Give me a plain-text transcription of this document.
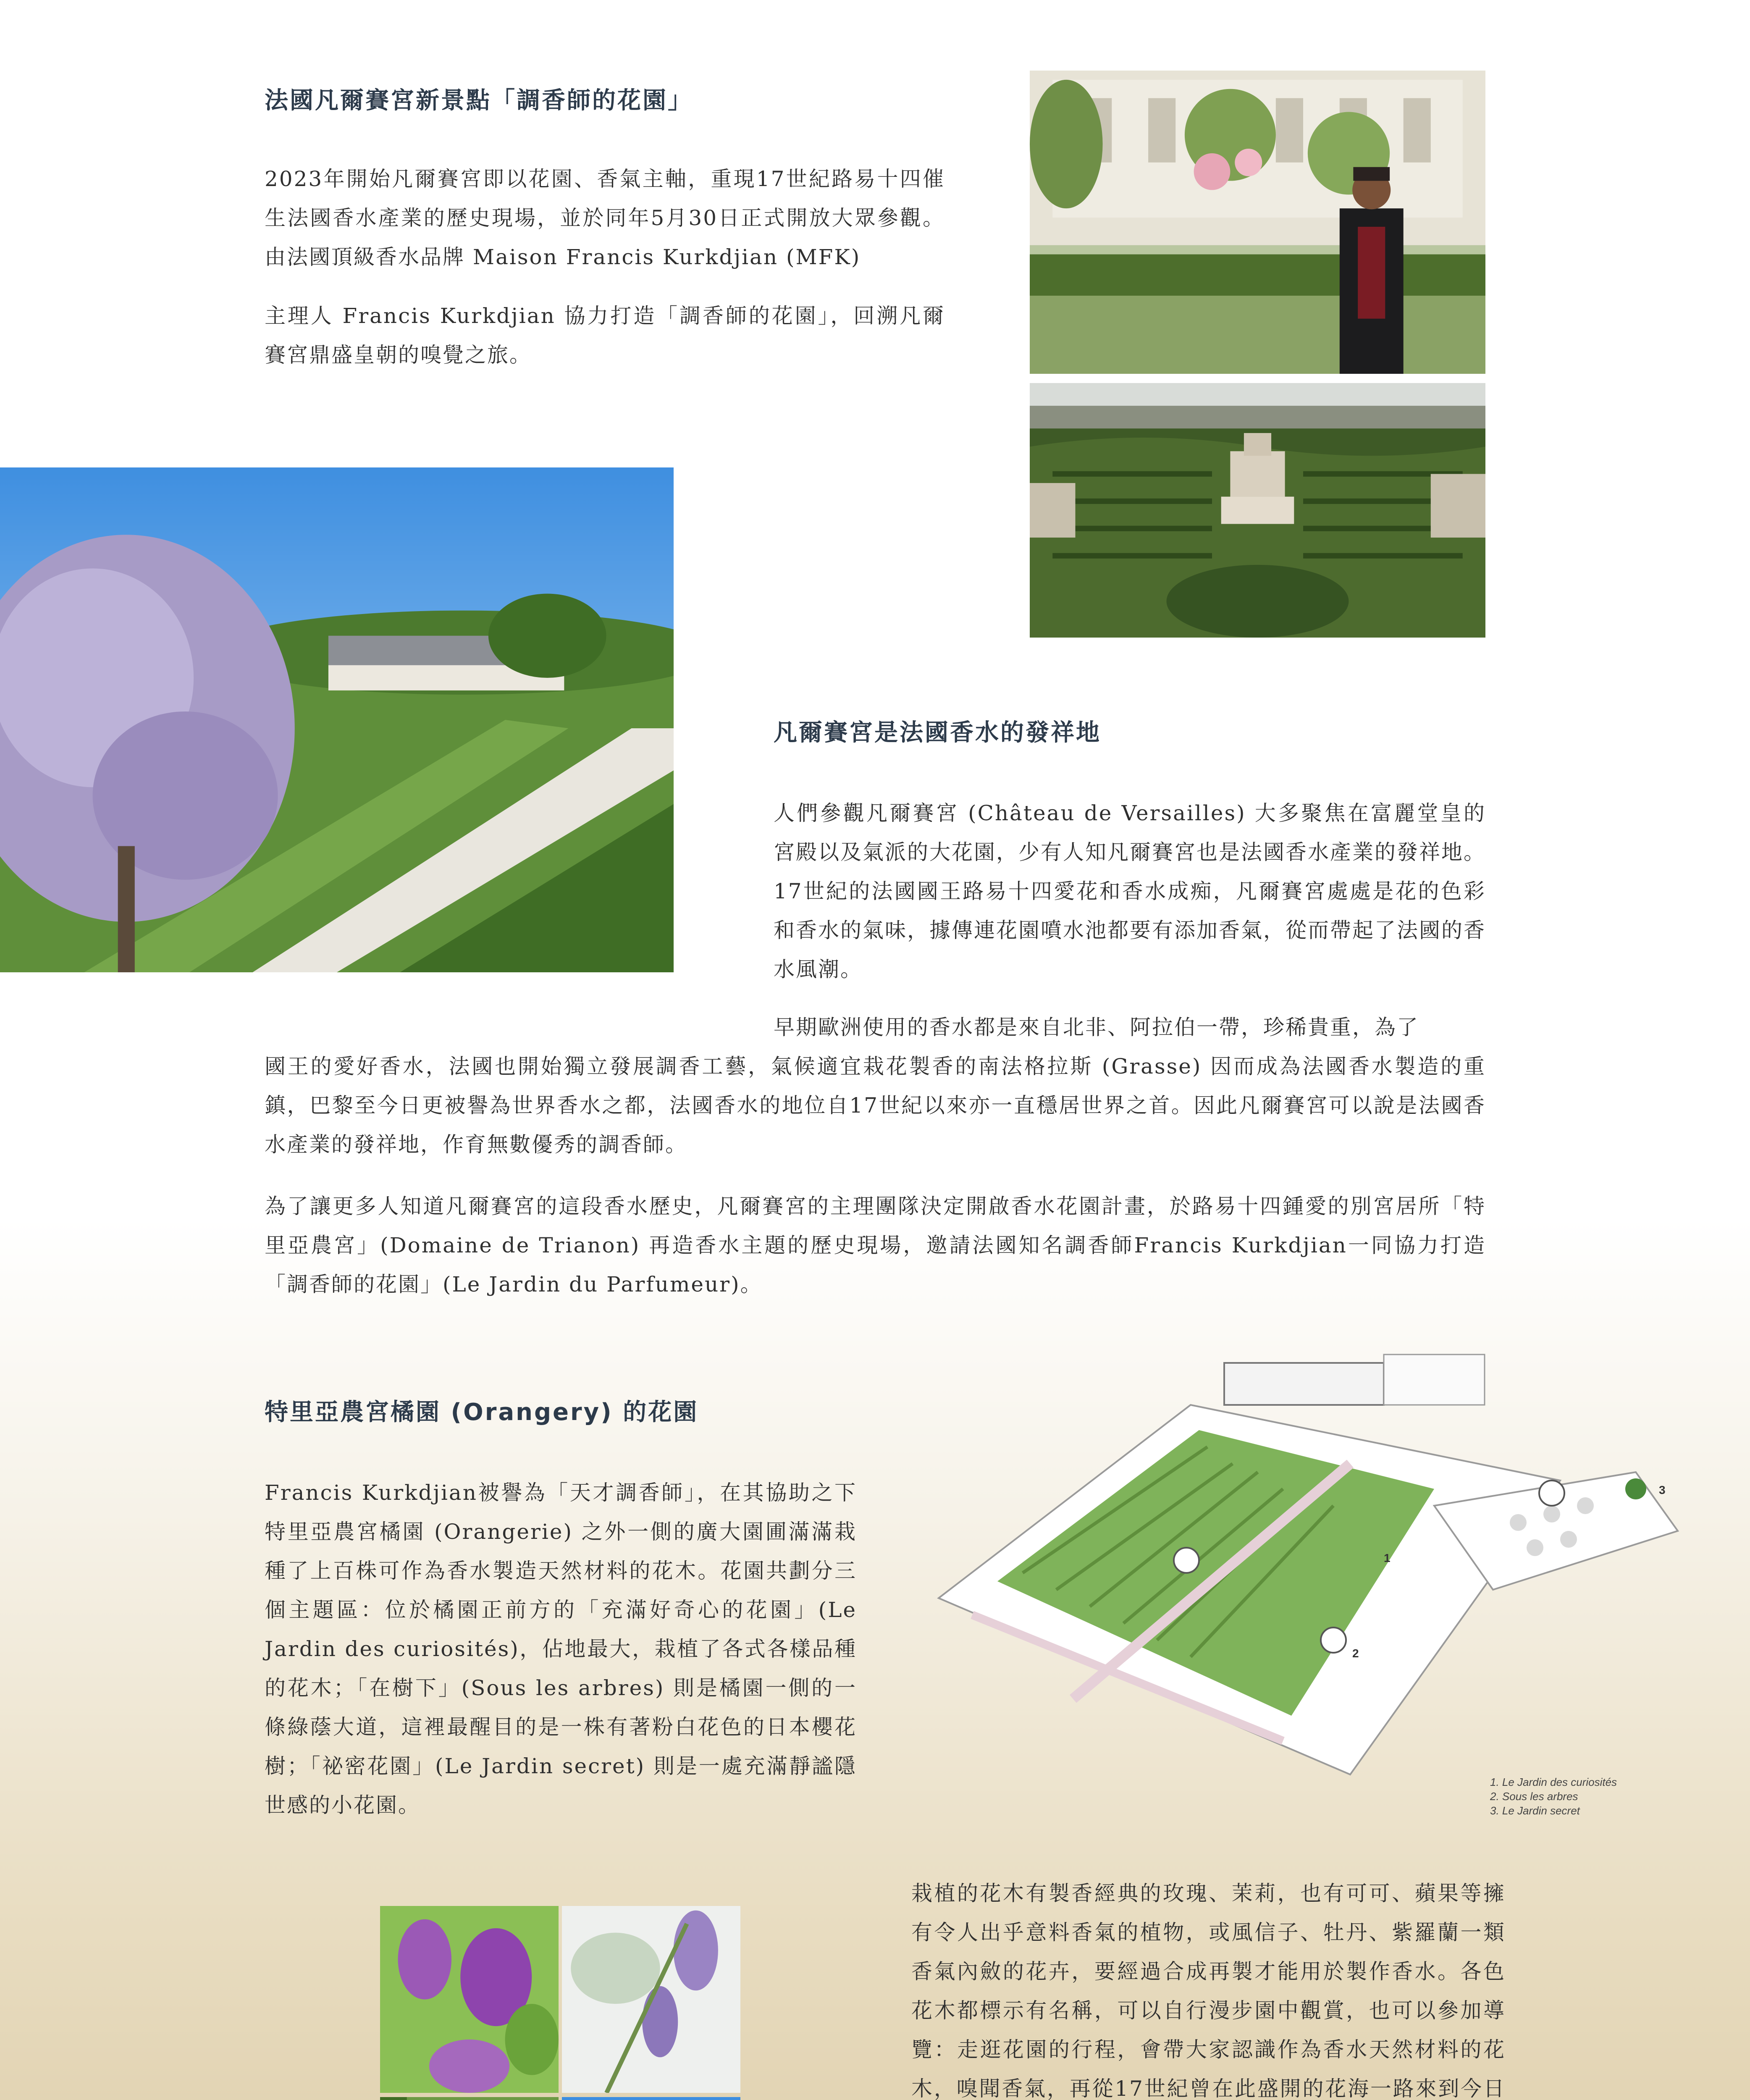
法國凡爾賽宮新景點「調香師的花園」

2023年開始凡爾賽宮即以花園、香氣主軸，重現17世紀路易十四催生法國香水產業的歷史現場，並於同年5月30日正式開放大眾參觀。由法國頂級香水品牌 Maison Francis Kurkdjian (MFK)

主理人 Francis Kurkdjian 協力打造「調香師的花園」，回溯凡爾賽宮鼎盛皇朝的嗅覺之旅。

凡爾賽宮是法國香水的發祥地

人們參觀凡爾賽宮 (Château de Versailles) 大多聚焦在富麗堂皇的宮殿以及氣派的大花園，少有人知凡爾賽宮也是法國香水產業的發祥地。17世紀的法國國王路易十四愛花和香水成痴，凡爾賽宮處處是花的色彩和香水的氣味，據傳連花園噴水池都要有添加香氣，從而帶起了法國的香水風潮。

早期歐洲使用的香水都是來自北非、阿拉伯一帶，珍稀貴重，為了

國王的愛好香水，法國也開始獨立發展調香工藝，氣候適宜栽花製香的南法格拉斯 (Grasse) 因而成為法國香水製造的重鎮，巴黎至今日更被譽為世界香水之都，法國香水的地位自17世紀以來亦一直穩居世界之首。因此凡爾賽宮可以說是法國香水產業的發祥地，作育無數優秀的調香師。

為了讓更多人知道凡爾賽宮的這段香水歷史，凡爾賽宮的主理團隊決定開啟香水花園計畫，於路易十四鍾愛的別宮居所「特里亞農宮」(Domaine de Trianon) 再造香水主題的歷史現場，邀請法國知名調香師Francis Kurkdjian一同協力打造「調香師的花園」(Le Jardin du Parfumeur)。

特里亞農宮橘園 (Orangery) 的花園

Francis Kurkdjian被譽為「天才調香師」，在其協助之下特里亞農宮橘園 (Orangerie) 之外一側的廣大園圃滿滿栽種了上百株可作為香水製造天然材料的花木。花園共劃分三個主題區：位於橘園正前方的「充滿好奇心的花園」(Le Jardin des curiosités)，佔地最大，栽植了各式各樣品種的花木；「在樹下」(Sous les arbres) 則是橘園一側的一條綠蔭大道，這裡最醒目的是一株有著粉白花色的日本櫻花樹；「祕密花園」(Le Jardin secret) 則是一處充滿靜謐隱世感的小花園。

1
3
2
1. Le Jardin des curiosités
2. Sous les arbres
3. Le Jardin secret

栽植的花木有製香經典的玫瑰、茉莉，也有可可、蘋果等擁有令人出乎意料香氣的植物，或風信子、牡丹、紫羅蘭一類香氣內斂的花卉，要經過合成再製才能用於製作香水。各色花木都標示有名稱，可以自行漫步園中觀賞，也可以參加導覽：走逛花園的行程，會帶大家認識作為香水天然材料的花木，嗅聞香氣，再從17世紀曾在此盛開的花海一路來到今日
